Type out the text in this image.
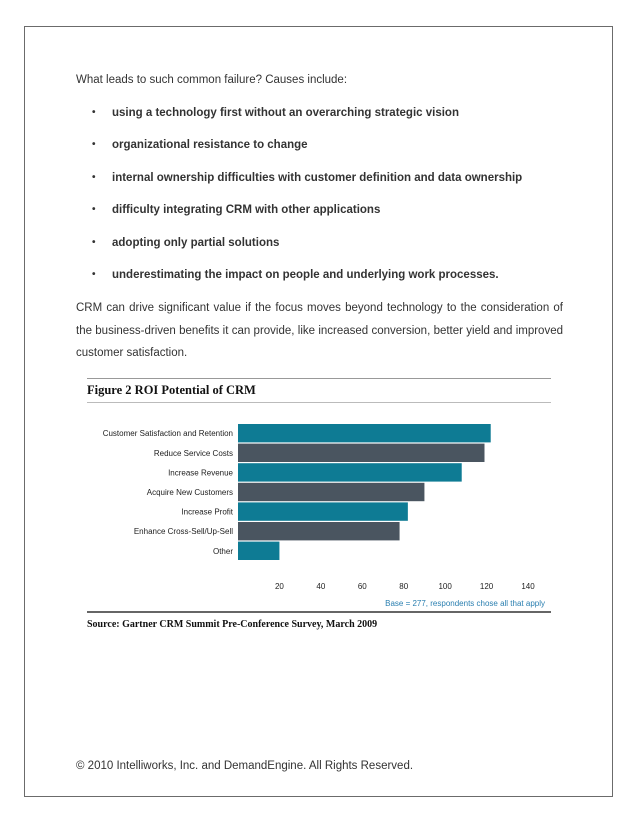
What leads to such common failure? Causes include:
•	using a technology first without an overarching strategic vision
•	organizational resistance to change
•	internal ownership difficulties with customer definition and data ownership
•	difficulty integrating CRM with other applications
•	adopting only partial solutions
•	underestimating the impact on people and underlying work processes.
CRM can drive significant value if the focus moves beyond technology to the consideration of the business-driven benefits it can provide, like increased conversion, better yield and improved customer satisfaction.
Figure 2 ROI Potential of CRM
Customer Satisfaction and Retention
Reduce Service Costs
Increase Revenue
Acquire New Customers
Increase Profit
Enhance Cross-Sell/Up-Sell
Other
20	40	60	80	100	120	140
Base = 277, respondents chose all that apply
Source: Gartner CRM Summit Pre-Conference Survey, March 2009
© 2010 Intelliworks, Inc. and DemandEngine. All Rights Reserved.
